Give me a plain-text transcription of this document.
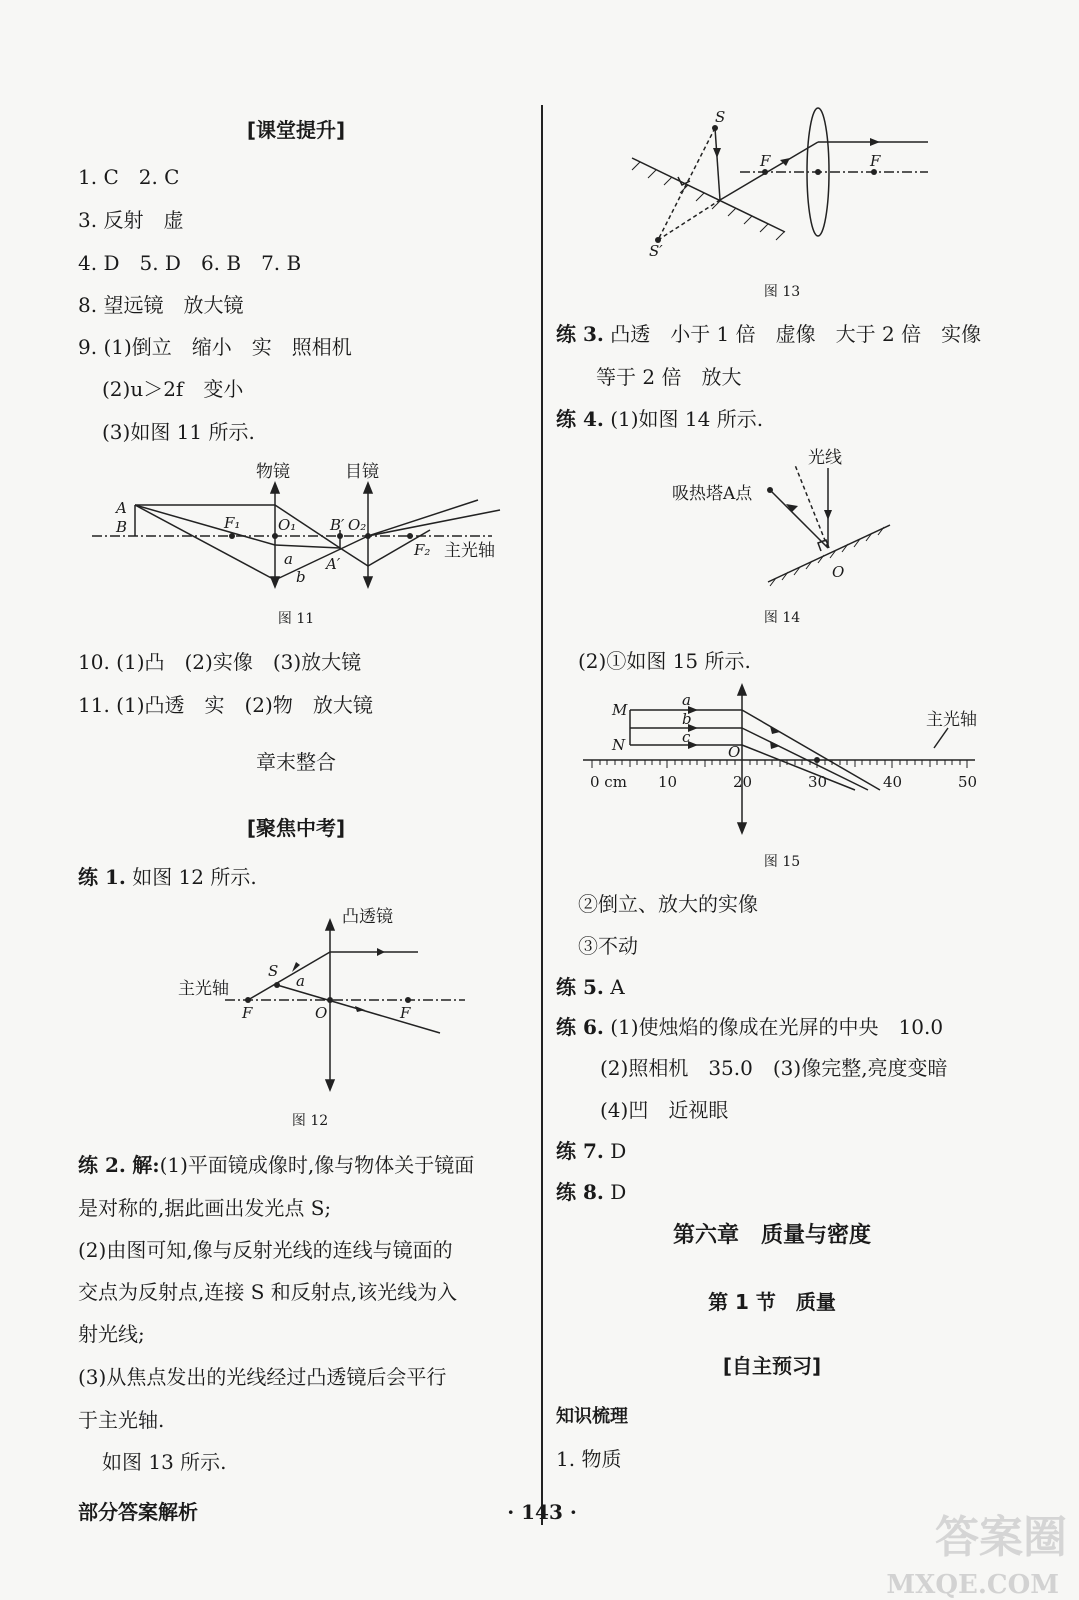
[课堂提升]
1. C　2. C
3. 反射　虚
4. D　5. D　6. B　7. B
8. 望远镜　放大镜
9. (1)倒立　缩小　实　照相机
(2)u＞2f　变小
(3)如图 11 所示.
物镜	目镜
A
B	F₁	O₁ B′ O₂
A′
a
b
F₂ 主光轴
图 11
10. (1)凸　(2)实像　(3)放大镜
11. (1)凸透　实　(2)物　放大镜
章末整合
[聚焦中考]
练 1. 如图 12 所示.
凸透镜
主光轴
S
a
F	O	F
图 12
练 2. 解:(1)平面镜成像时,像与物体关于镜面
是对称的,据此画出发光点 S;
(2)由图可知,像与反射光线的连线与镜面的
交点为反射点,连接 S 和反射点,该光线为入
射光线;
(3)从焦点发出的光线经过凸透镜后会平行
于主光轴.
如图 13 所示.
部分答案解析	· 143 ·
S
S′
F	F
图 13
练 3. 凸透　小于 1 倍　虚像　大于 2 倍　实像
等于 2 倍　放大
练 4. (1)如图 14 所示.
光线
吸热塔A点
O
图 14
(2)①如图 15 所示.
M
N
a
b
c
O
主光轴
0 cm 10	20	30	40	50
图 15
②倒立、放大的实像
③不动
练 5. A
练 6. (1)使烛焰的像成在光屏的中央　10.0
(2)照相机　35.0　(3)像完整,亮度变暗
(4)凹　近视眼
练 7. D
练 8. D
第六章　质量与密度
第 1 节　质量
[自主预习]
知识梳理
1. 物质
答案圈
MXQE.COM
